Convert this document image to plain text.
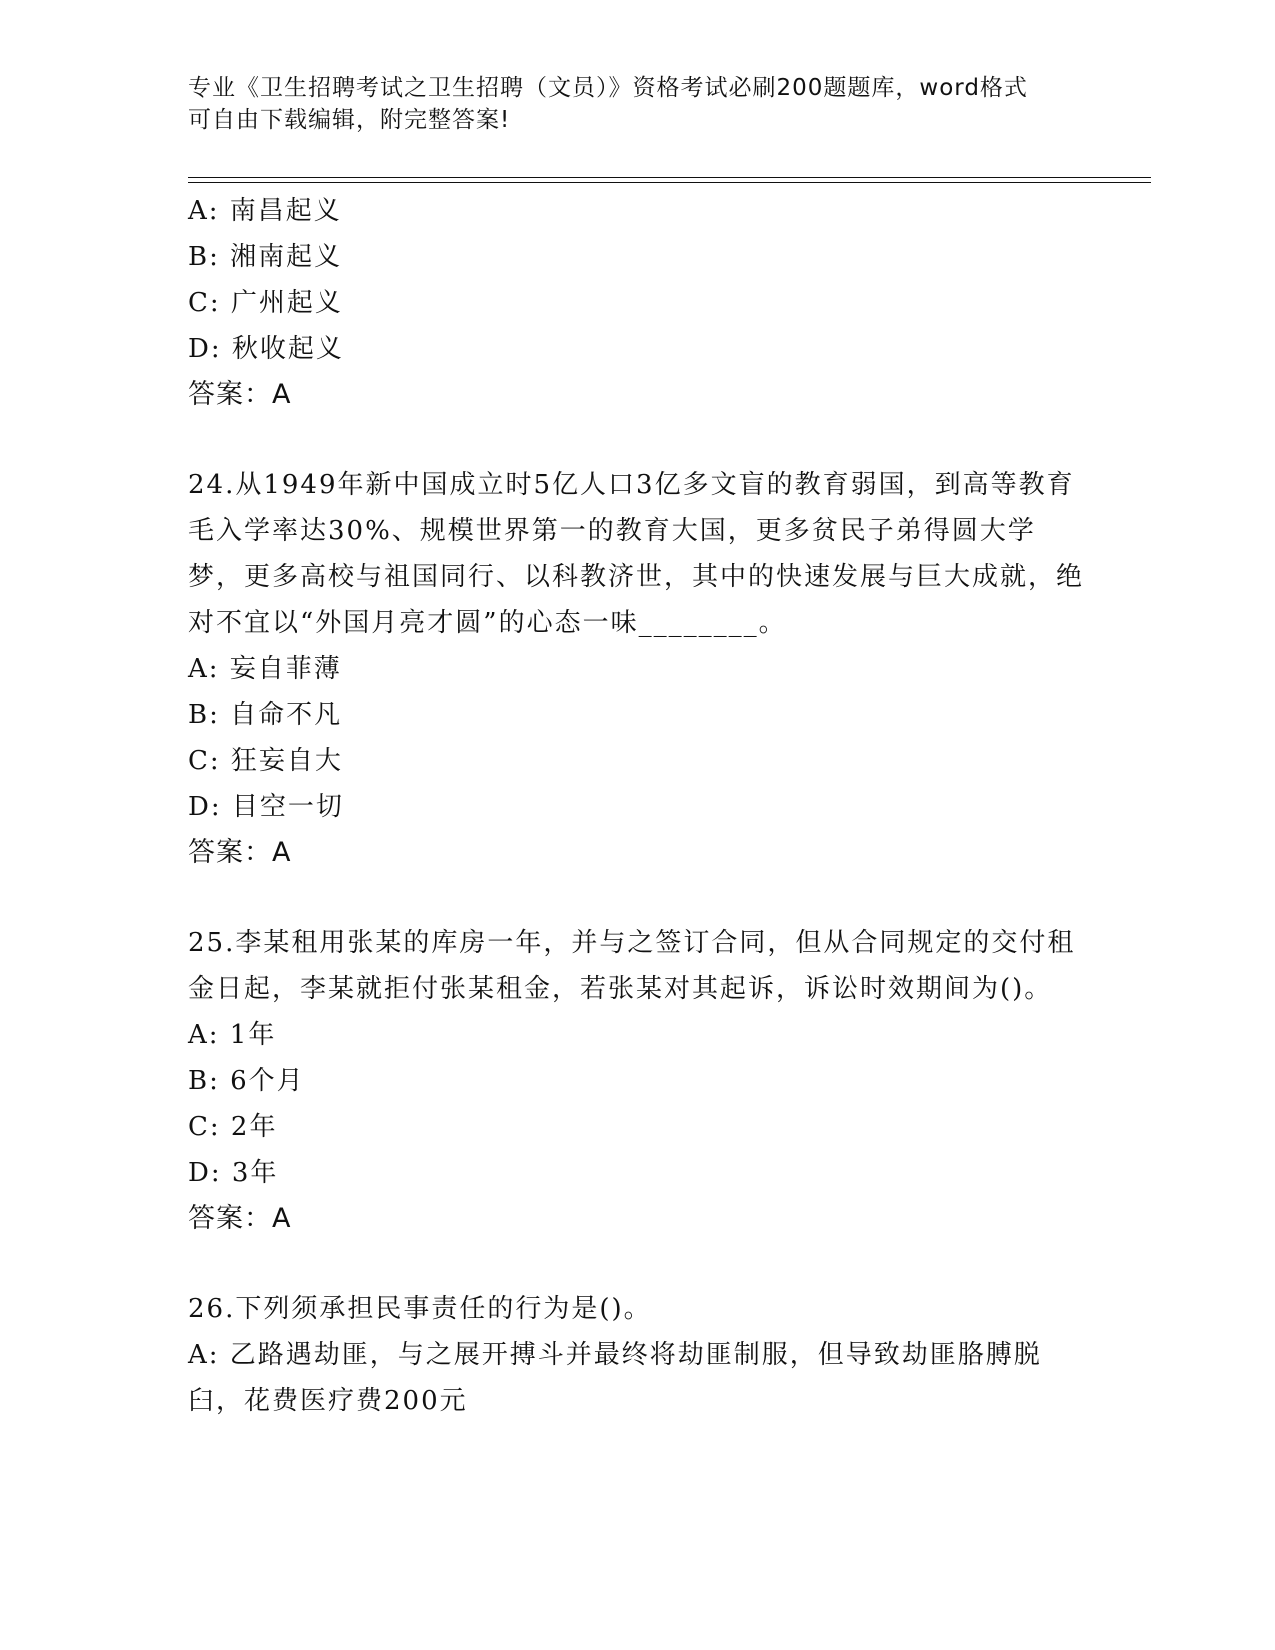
专业《卫生招聘考试之卫生招聘（文员）》资格考试必刷200题题库，word格式
可自由下载编辑，附完整答案!

A: 南昌起义

B: 湘南起义

C: 广州起义

D: 秋收起义

答案：A

24.从1949年新中国成立时5亿人口3亿多文盲的教育弱国，到高等教育毛入学率达30%、规模世界第一的教育大国，更多贫民子弟得圆大学梦，更多高校与祖国同行、以科教济世，其中的快速发展与巨大成就，绝对不宜以“外国月亮才圆”的心态一味________。

A: 妄自菲薄

B: 自命不凡

C: 狂妄自大

D: 目空一切

答案：A

25.李某租用张某的库房一年，并与之签订合同，但从合同规定的交付租金日起，李某就拒付张某租金，若张某对其起诉，诉讼时效期间为()。

A: 1年

B: 6个月

C: 2年

D: 3年

答案：A

26.下列须承担民事责任的行为是()。

A: 乙路遇劫匪，与之展开搏斗并最终将劫匪制服，但导致劫匪胳膊脱臼，花费医疗费200元
